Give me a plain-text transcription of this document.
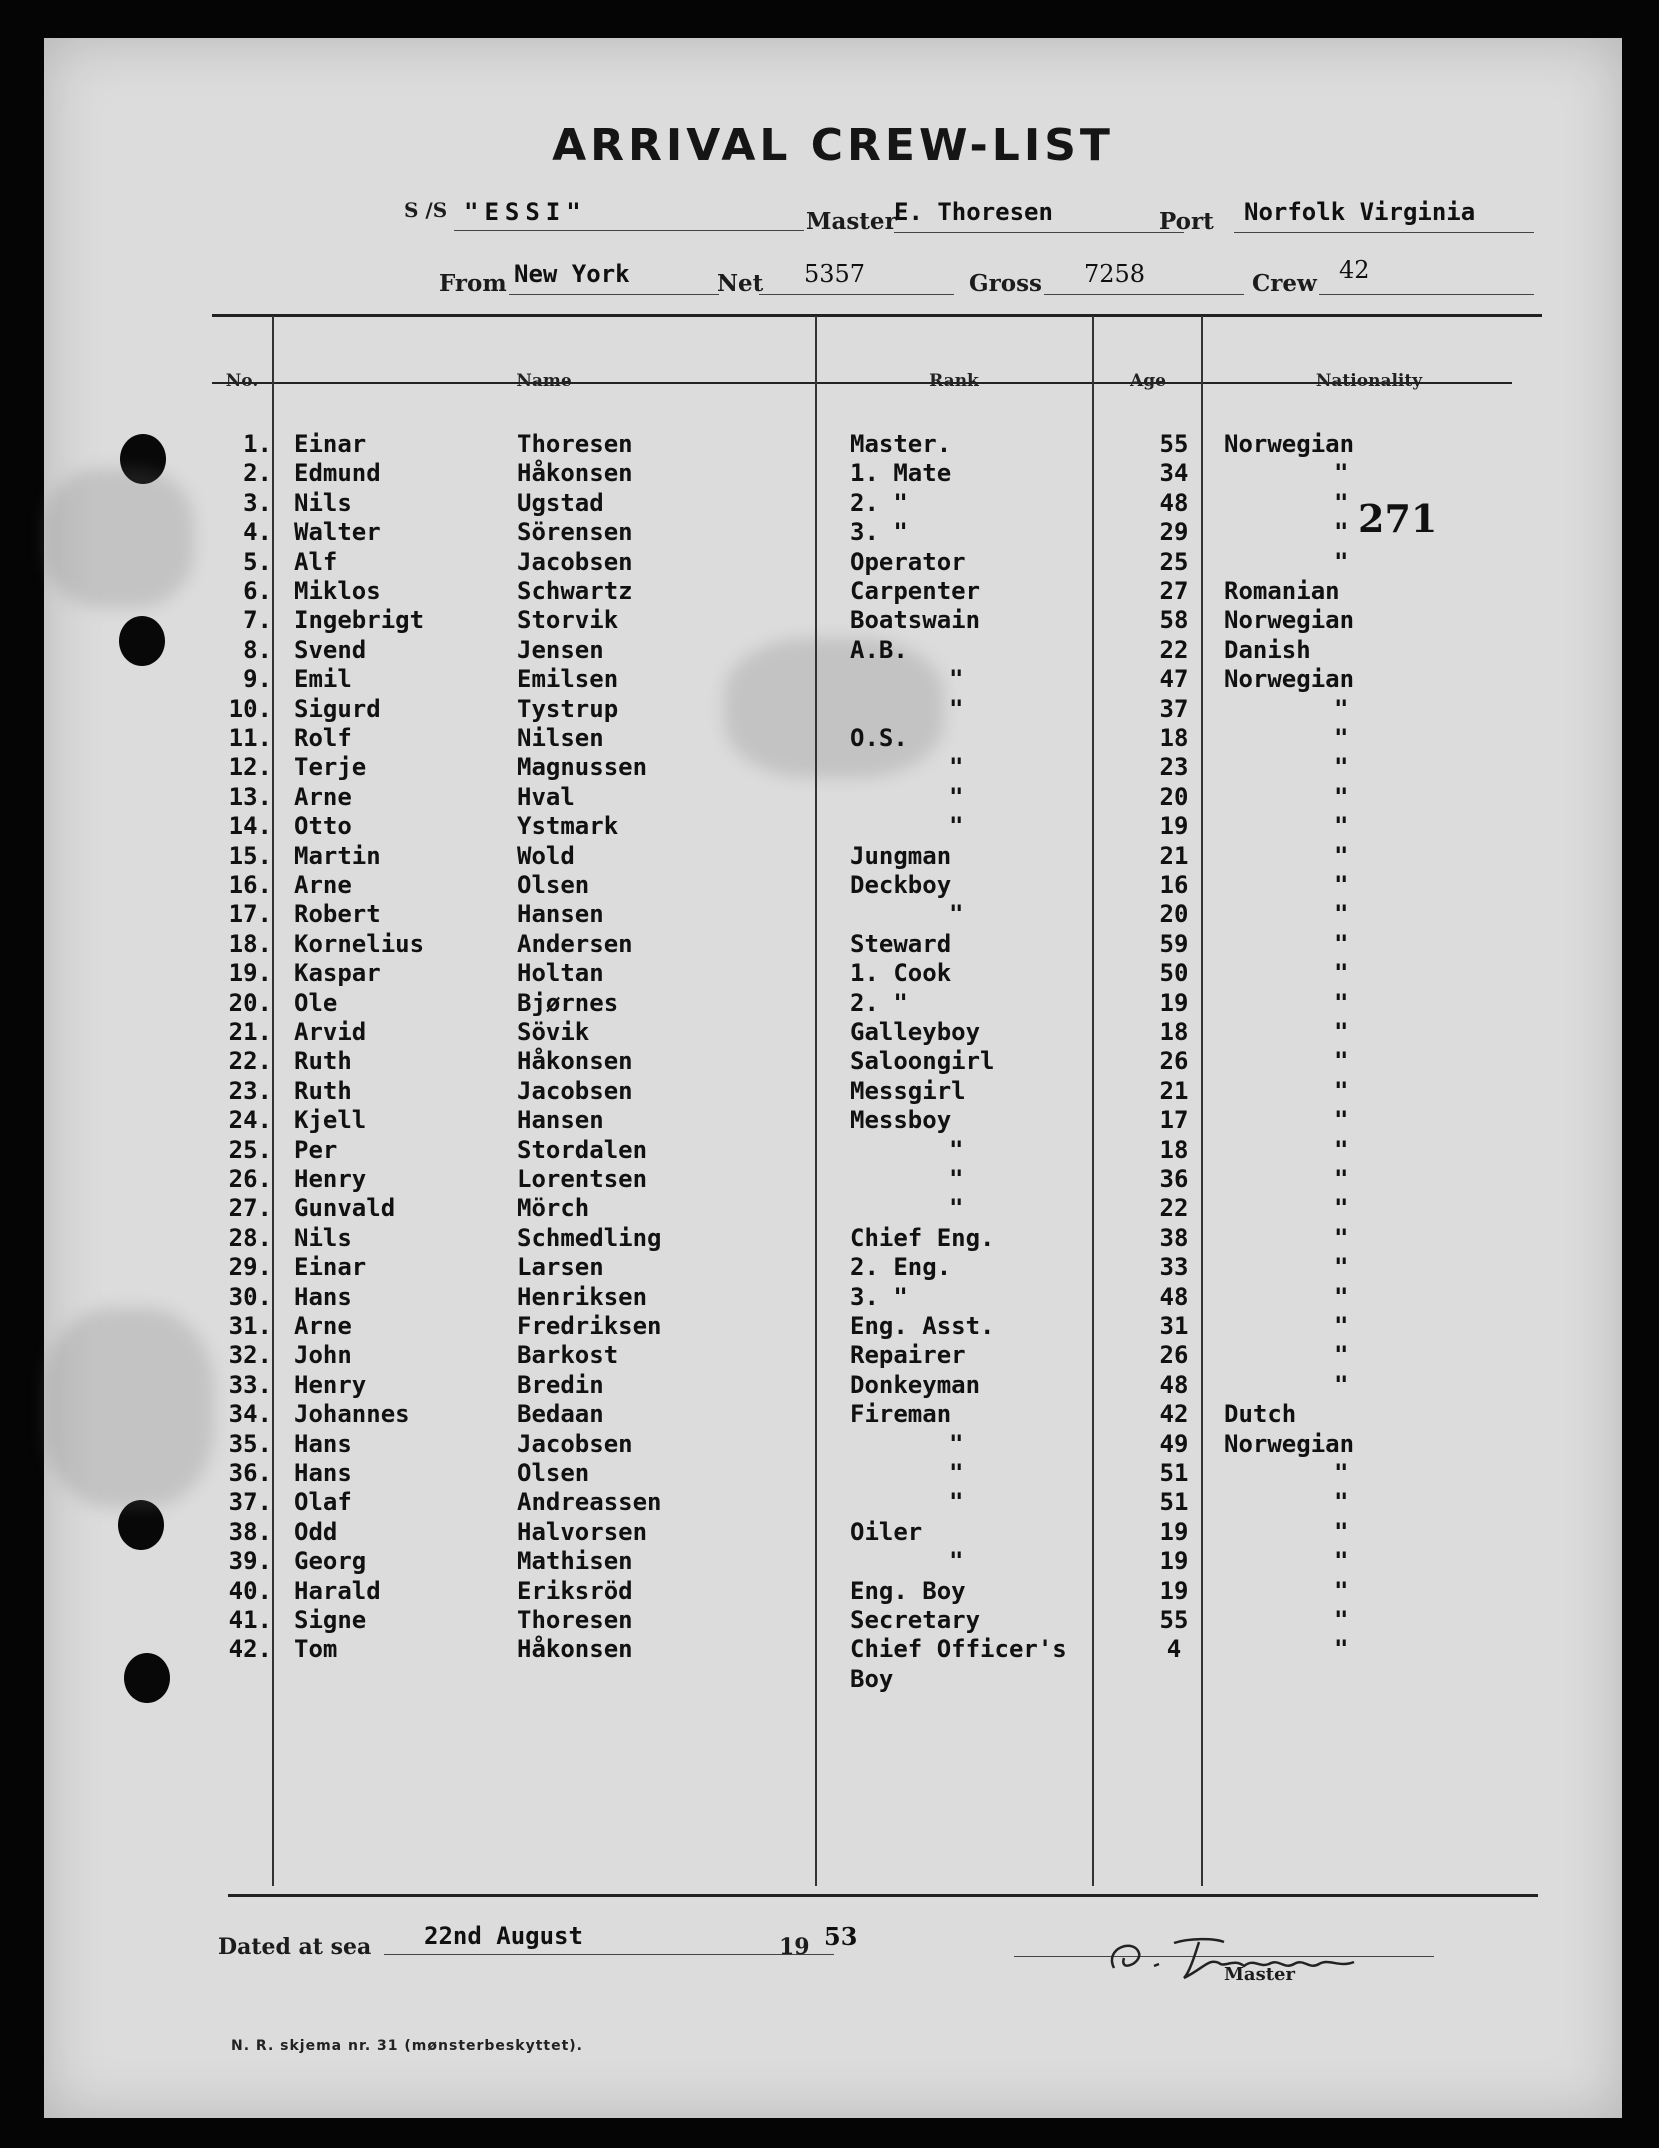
ARRIVAL CREW-LIST
S /S "ESSI"	Master
E. Thoresen	Port Norfolk Virginia
From New York	Net 5357	Gross 7258	Crew 42
No.	Name	Rank	Age	Nationality
1. Einar	Thoresen	Master.	55	Norwegian
2. Edmund	Håkonsen	1. Mate	34	"
3. Nils	Ugstad	2. "	48	"
4. Walter	Sörensen	3. "	29	"
5. Alf	Jacobsen	Operator	25	"
6. Miklos	Schwartz	Carpenter	27	Romanian
7. Ingebrigt	Storvik	Boatswain	58	Norwegian
8. Svend	Jensen	A.B.	22	Danish
9. Emil	Emilsen	"	47	Norwegian
10. Sigurd	Tystrup	"	37	"
11. Rolf	Nilsen	O.S.	18	"
12. Terje	Magnussen	"	23	"
13. Arne	Hval	"	20	"
14. Otto	Ystmark	"	19	"
15. Martin	Wold	Jungman	21	"
16. Arne	Olsen	Deckboy	16	"
17. Robert	Hansen	"	20	"
18. Kornelius	Andersen	Steward	59	"
19. Kaspar	Holtan	1. Cook	50	"
20. Ole	Bjørnes	2. "	19	"
21. Arvid	Sövik	Galleyboy	18	"
22. Ruth	Håkonsen	Saloongirl	26	"
23. Ruth	Jacobsen	Messgirl	21	"
24. Kjell	Hansen	Messboy	17	"
25. Per	Stordalen	"	18	"
26. Henry	Lorentsen	"	36	"
27. Gunvald	Mörch	"	22	"
28. Nils	Schmedling	Chief Eng.	38	"
29. Einar	Larsen	2. Eng.	33	"
30. Hans	Henriksen	3. "	48	"
31. Arne	Fredriksen	Eng. Asst.	31	"
32. John	Barkost	Repairer	26	"
33. Henry	Bredin	Donkeyman	48	"
34. Johannes	Bedaan	Fireman	42	Dutch
35. Hans	Jacobsen	"	49	Norwegian
36. Hans	Olsen	"	51	"
37. Olaf	Andreassen	"	51	"
38. Odd	Halvorsen	Oiler	19	"
39. Georg	Mathisen	"	19	"
40. Harald	Eriksröd	Eng. Boy	19	"
41. Signe	Thoresen	Secretary	55	"
42. Tom	Håkonsen	Chief Officer's	4	"
Boy
271
Dated at sea 22nd August	19 53
Master
N. R. skjema nr. 31 (mønsterbeskyttet).
